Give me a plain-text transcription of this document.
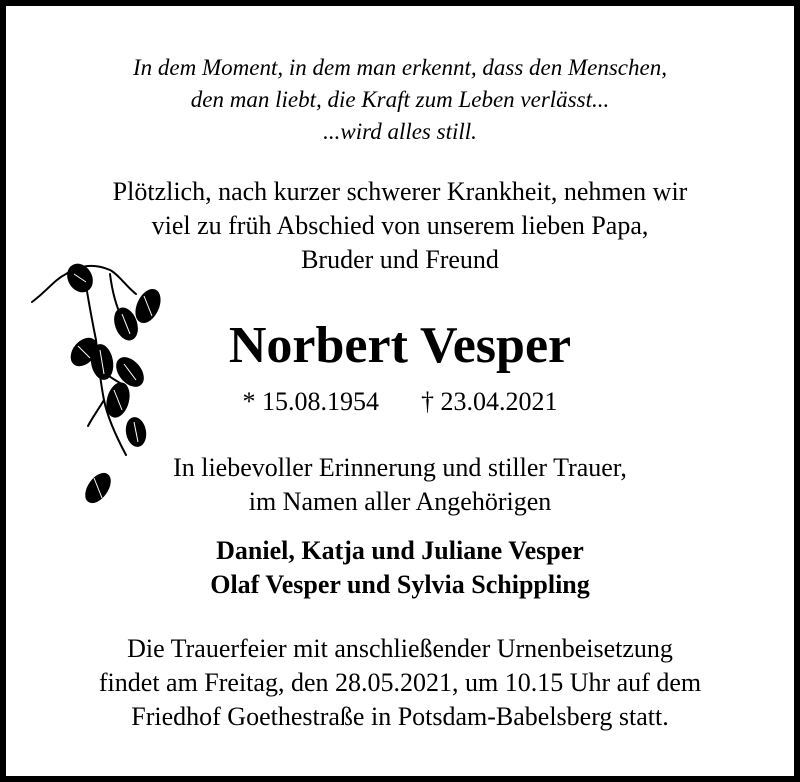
In dem Moment, in dem man erkennt, dass den Menschen,
den man liebt, die Kraft zum Leben verlässt...
...wird alles still.
Plötzlich, nach kurzer schwerer Krankheit, nehmen wir
viel zu früh Abschied von unserem lieben Papa,
Bruder und Freund
Norbert Vesper
* 15.08.1954 † 23.04.2021
In liebevoller Erinnerung und stiller Trauer,
im Namen aller Angehörigen
Daniel, Katja und Juliane Vesper
Olaf Vesper und Sylvia Schippling
Die Trauerfeier mit anschließender Urnenbeisetzung
findet am Freitag, den 28.05.2021, um 10.15 Uhr auf dem
Friedhof Goethestraße in Potsdam-Babelsberg statt.
